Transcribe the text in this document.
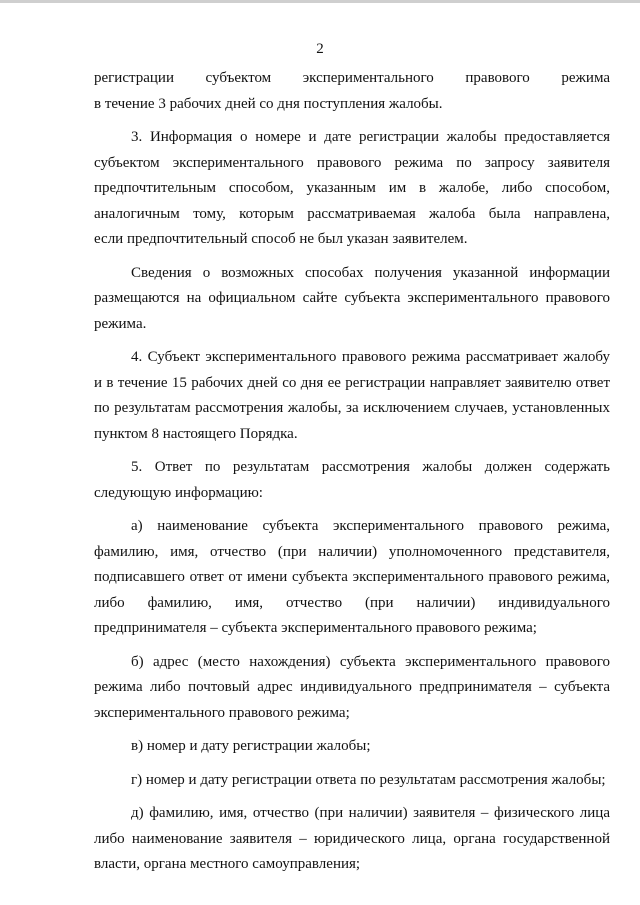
2
регистрации субъектом экспериментального правового режима
в течение 3 рабочих дней со дня поступления жалобы.
3. Информация о номере и дате регистрации жалобы предоставляется
субъектом экспериментального правового режима по запросу заявителя
предпочтительным способом, указанным им в жалобе, либо способом,
аналогичным тому, которым рассматриваемая жалоба была направлена,
если предпочтительный способ не был указан заявителем.
Сведения о возможных способах получения указанной информации
размещаются на официальном сайте субъекта экспериментального правового
режима.
4. Субъект экспериментального правового режима рассматривает жалобу
и в течение 15 рабочих дней со дня ее регистрации направляет заявителю ответ
по результатам рассмотрения жалобы, за исключением случаев, установленных
пунктом 8 настоящего Порядка.
5. Ответ по результатам рассмотрения жалобы должен содержать
следующую информацию:
а) наименование субъекта экспериментального правового режима,
фамилию, имя, отчество (при наличии) уполномоченного представителя,
подписавшего ответ от имени субъекта экспериментального правового режима,
либо фамилию, имя, отчество (при наличии) индивидуального
предпринимателя – субъекта экспериментального правового режима;
б) адрес (место нахождения) субъекта экспериментального правового
режима либо почтовый адрес индивидуального предпринимателя – субъекта
экспериментального правового режима;
в) номер и дату регистрации жалобы;
г) номер и дату регистрации ответа по результатам рассмотрения жалобы;
д) фамилию, имя, отчество (при наличии) заявителя – физического лица
либо наименование заявителя – юридического лица, органа государственной
власти, органа местного самоуправления;
